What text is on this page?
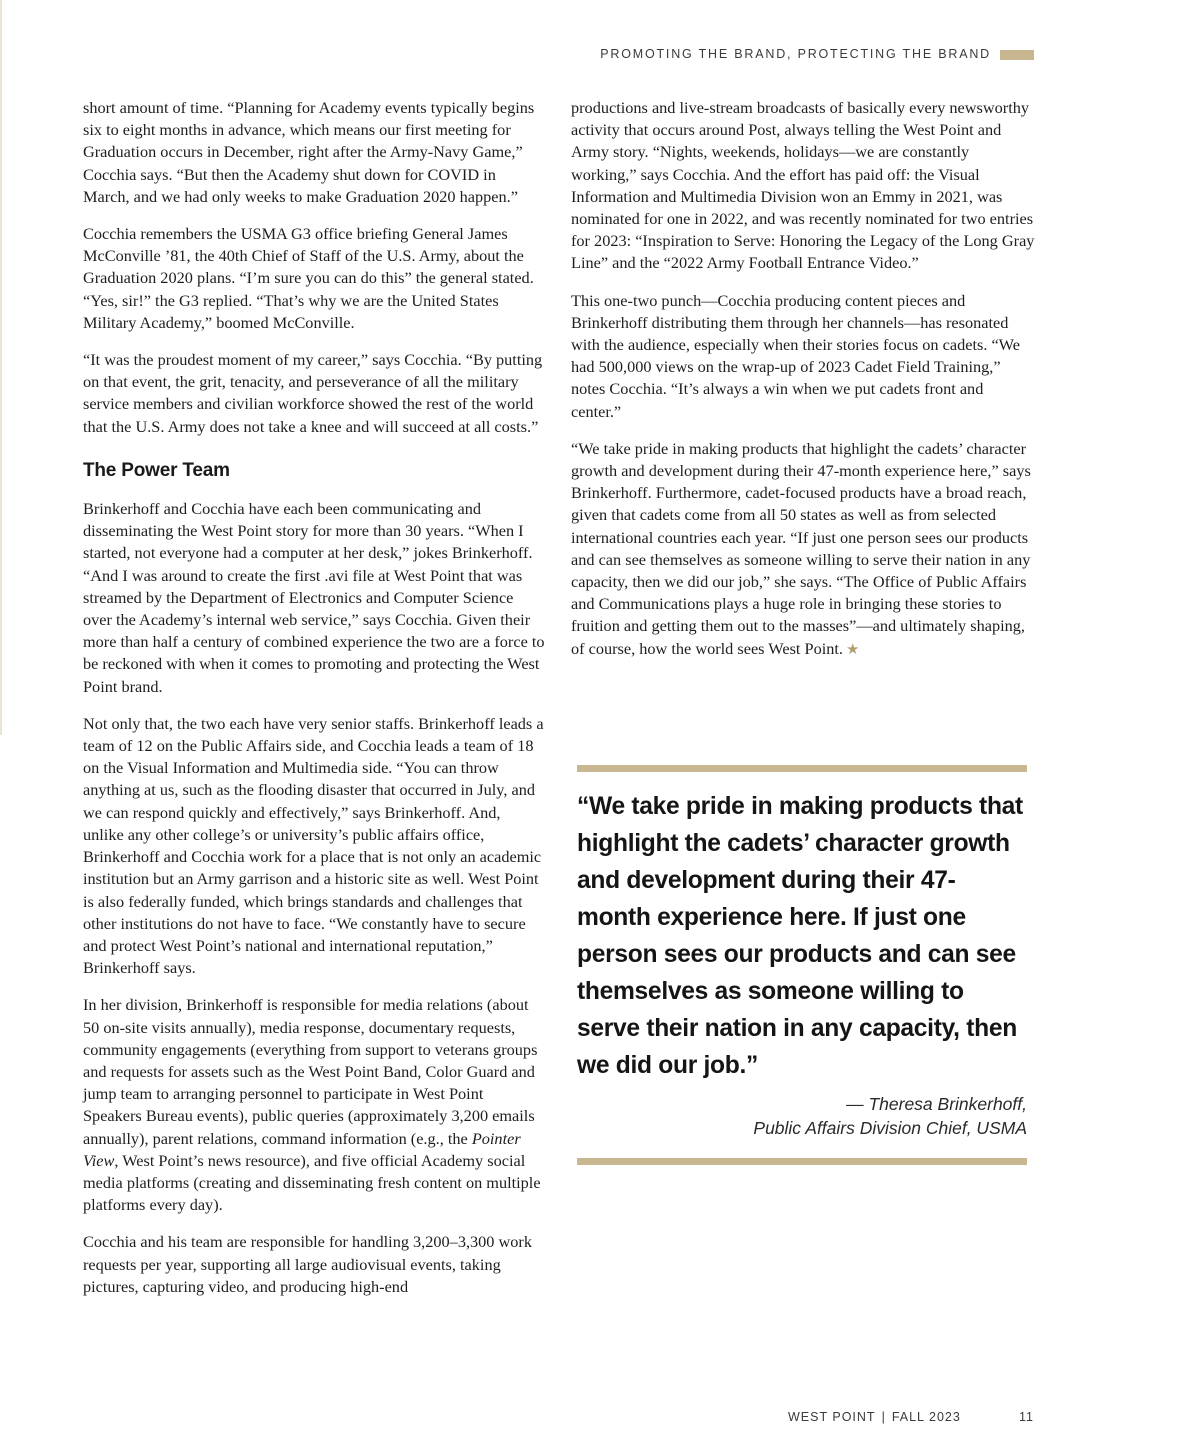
PROMOTING THE BRAND, PROTECTING THE BRAND

short amount of time. “Planning for Academy events typically begins six to eight months in advance, which means our first meeting for Graduation occurs in December, right after the Army-Navy Game,” Cocchia says. “But then the Academy shut down for COVID in March, and we had only weeks to make Graduation 2020 happen.”

Cocchia remembers the USMA G3 office briefing General James McConville ’81, the 40th Chief of Staff of the U.S. Army, about the Graduation 2020 plans. “I’m sure you can do this” the general stated. “Yes, sir!” the G3 replied. “That’s why we are the United States Military Academy,” boomed McConville.

“It was the proudest moment of my career,” says Cocchia. “By putting on that event, the grit, tenacity, and perseverance of all the military service members and civilian workforce showed the rest of the world that the U.S. Army does not take a knee and will succeed at all costs.”

The Power Team

Brinkerhoff and Cocchia have each been communicating and disseminating the West Point story for more than 30 years. “When I started, not everyone had a computer at her desk,” jokes Brinkerhoff. “And I was around to create the first .avi file at West Point that was streamed by the Department of Electronics and Computer Science over the Academy’s internal web service,” says Cocchia. Given their more than half a century of combined experience the two are a force to be reckoned with when it comes to promoting and protecting the West Point brand.

Not only that, the two each have very senior staffs. Brinkerhoff leads a team of 12 on the Public Affairs side, and Cocchia leads a team of 18 on the Visual Information and Multimedia side. “You can throw anything at us, such as the flooding disaster that occurred in July, and we can respond quickly and effectively,” says Brinkerhoff. And, unlike any other college’s or university’s public affairs office, Brinkerhoff and Cocchia work for a place that is not only an academic institution but an Army garrison and a historic site as well. West Point is also federally funded, which brings standards and challenges that other institutions do not have to face. “We constantly have to secure and protect West Point’s national and international reputation,” Brinkerhoff says.

In her division, Brinkerhoff is responsible for media relations (about 50 on-site visits annually), media response, documentary requests, community engagements (everything from support to veterans groups and requests for assets such as the West Point Band, Color Guard and jump team to arranging personnel to participate in West Point Speakers Bureau events), public queries (approximately 3,200 emails annually), parent relations, command information (e.g., the Pointer View, West Point’s news resource), and five official Academy social media platforms (creating and disseminating fresh content on multiple platforms every day).

Cocchia and his team are responsible for handling 3,200–3,300 work requests per year, supporting all large audiovisual events, taking pictures, capturing video, and producing high-end

productions and live-stream broadcasts of basically every newsworthy activity that occurs around Post, always telling the West Point and Army story. “Nights, weekends, holidays—we are constantly working,” says Cocchia. And the effort has paid off: the Visual Information and Multimedia Division won an Emmy in 2021, was nominated for one in 2022, and was recently nominated for two entries for 2023: “Inspiration to Serve: Honoring the Legacy of the Long Gray Line” and the “2022 Army Football Entrance Video.”

This one-two punch—Cocchia producing content pieces and Brinkerhoff distributing them through her channels—has resonated with the audience, especially when their stories focus on cadets. “We had 500,000 views on the wrap-up of 2023 Cadet Field Training,” notes Cocchia. “It’s always a win when we put cadets front and center.”

“We take pride in making products that highlight the cadets’ character growth and development during their 47-month experience here,” says Brinkerhoff. Furthermore, cadet-focused products have a broad reach, given that cadets come from all 50 states as well as from selected international countries each year. “If just one person sees our products and can see themselves as someone willing to serve their nation in any capacity, then we did our job,” she says. “The Office of Public Affairs and Communications plays a huge role in bringing these stories to fruition and getting them out to the masses”—and ultimately shaping, of course, how the world sees West Point. ★

“We take pride in making products that highlight the cadets’ character growth and development during their 47-month experience here. If just one person sees our products and can see themselves as someone willing to serve their nation in any capacity, then we did our job.”
— Theresa Brinkerhoff,
Public Affairs Division Chief, USMA
WEST POINT | FALL 2023	11
